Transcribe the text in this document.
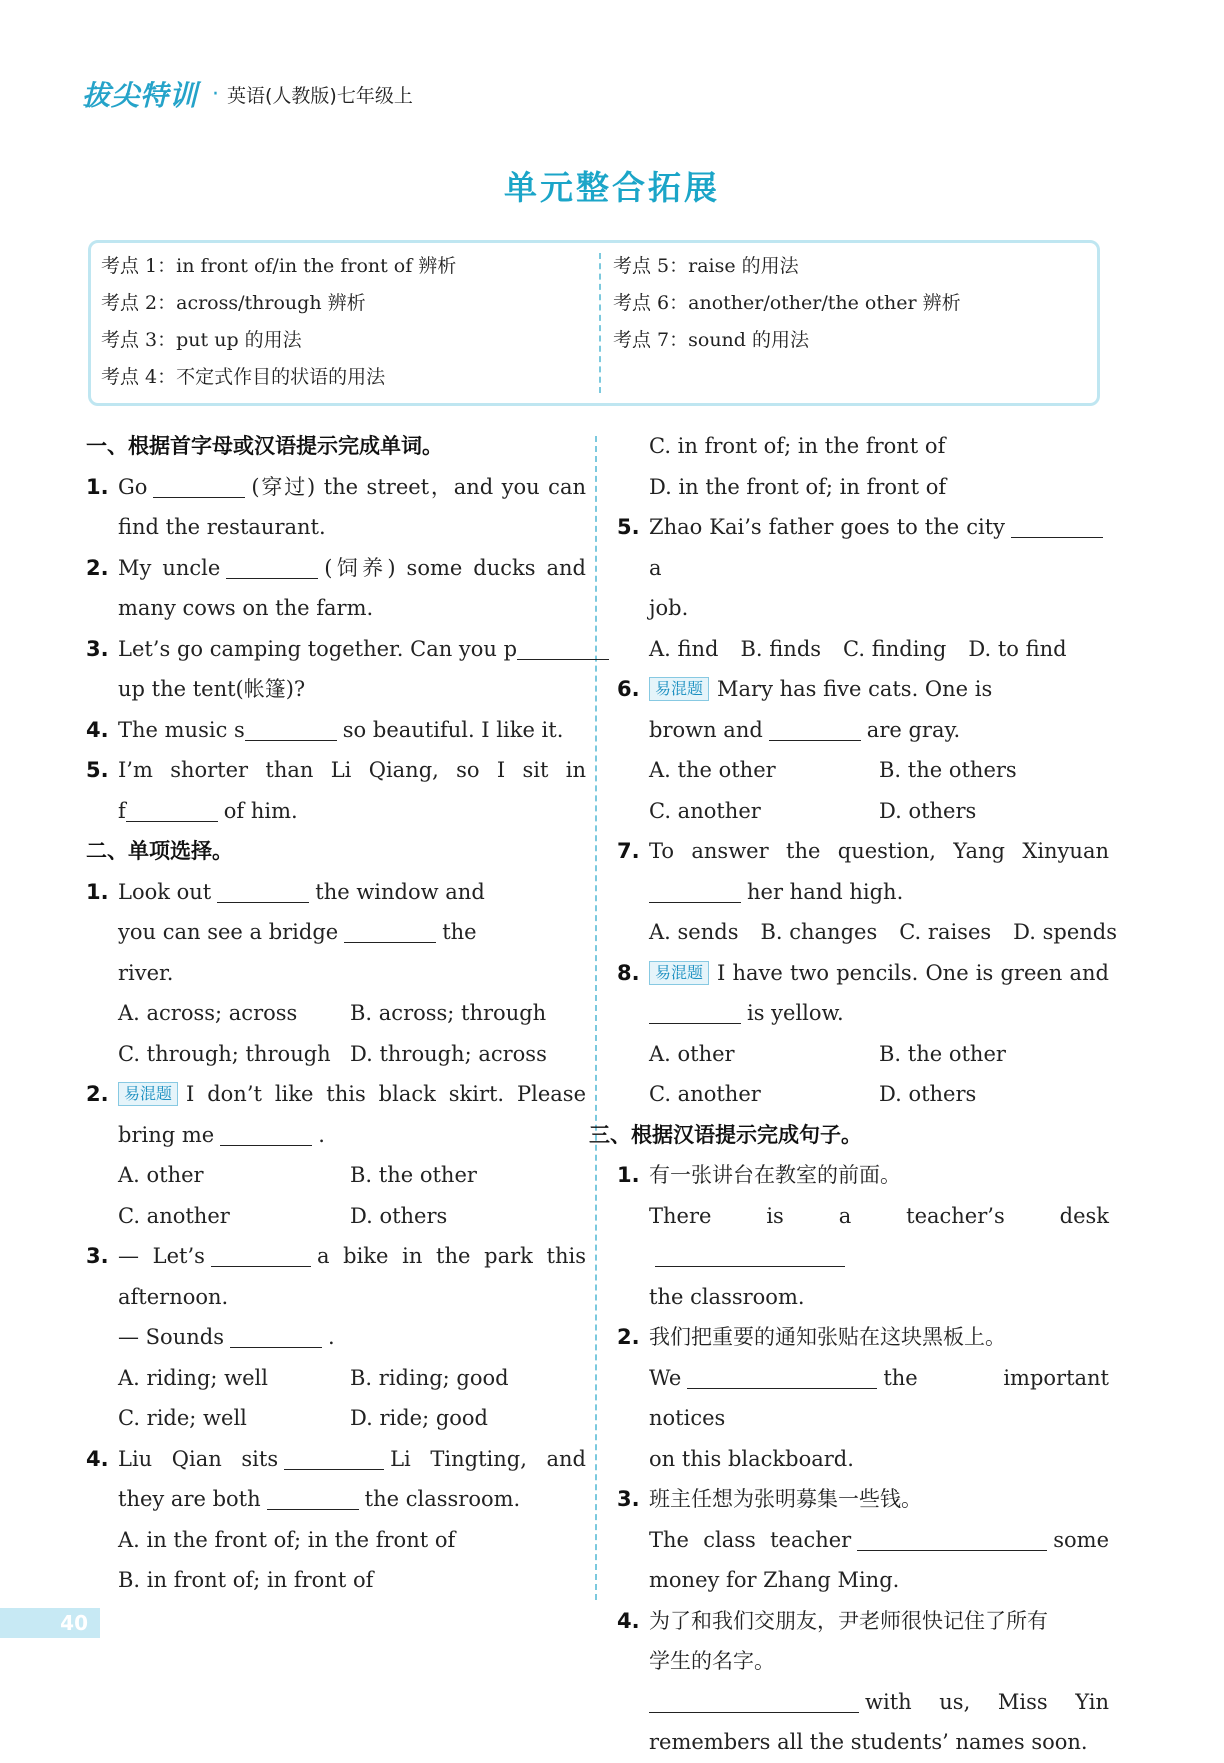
拔尖特训 · 英语(人教版)七年级上
单元整合拓展
考点 1：in front of/in the front of 辨析
考点 2：across/through 辨析
考点 3：put up 的用法
考点 4：不定式作目的状语的用法
考点 5：raise 的用法
考点 6：another/other/the other 辨析
考点 7：sound 的用法
一、根据首字母或汉语提示完成单词。
1. Go	(穿过) the street，and you can
find the restaurant.
2. My uncle	(饲养) some ducks and
many cows on the farm.
3. Let’s go camping together. Can you p
up the tent(帐篷)?
4. The music s	so beautiful. I like it.
5. I’m shorter than Li Qiang, so I sit in
f	of him.
二、单项选择。
1. Look out	the window and
you can see a bridge	the
river.
A. across; across	B. across; through
C. through; through D. through; across
2. 易混题 I don’t like this black skirt. Please
bring me	.
A. other	B. the other
C. another	D. others
3. — Let’s	a bike in the park this
afternoon.
— Sounds	.
A. riding; well	B. riding; good
C. ride; well	D. ride; good
4. Liu Qian sits	Li Tingting, and
they are both	the classroom.
A. in the front of; in the front of
B. in front of; in front of
C. in front of; in the front of
D. in the front of; in front of
5. Zhao Kai’s father goes to the citya
job.
A. find B. finds C. finding D. to find
6. 易混题 Mary has five cats. One is
brown and	are gray.
A. the other	B. the others
C. another	D. others
7. To answer the question, Yang Xinyuan
her hand high.
A. sends B. changes C. raises D. spends
8. 易混题 I have two pencils. One is green and
is yellow.
A. other	B. the other
C. another	D. others
三、根据汉语提示完成句子。
1. 有一张讲台在教室的前面。
There is a teacher’s desk
the classroom.
2. 我们把重要的通知张贴在这块黑板上。
We	the important notices
on this blackboard.
3. 班主任想为张明募集一些钱。
The class teacher	some
money for Zhang Ming.
4. 为了和我们交朋友，尹老师很快记住了所有
学生的名字。
with us, Miss Yin
remembers all the students’ names soon.
40
